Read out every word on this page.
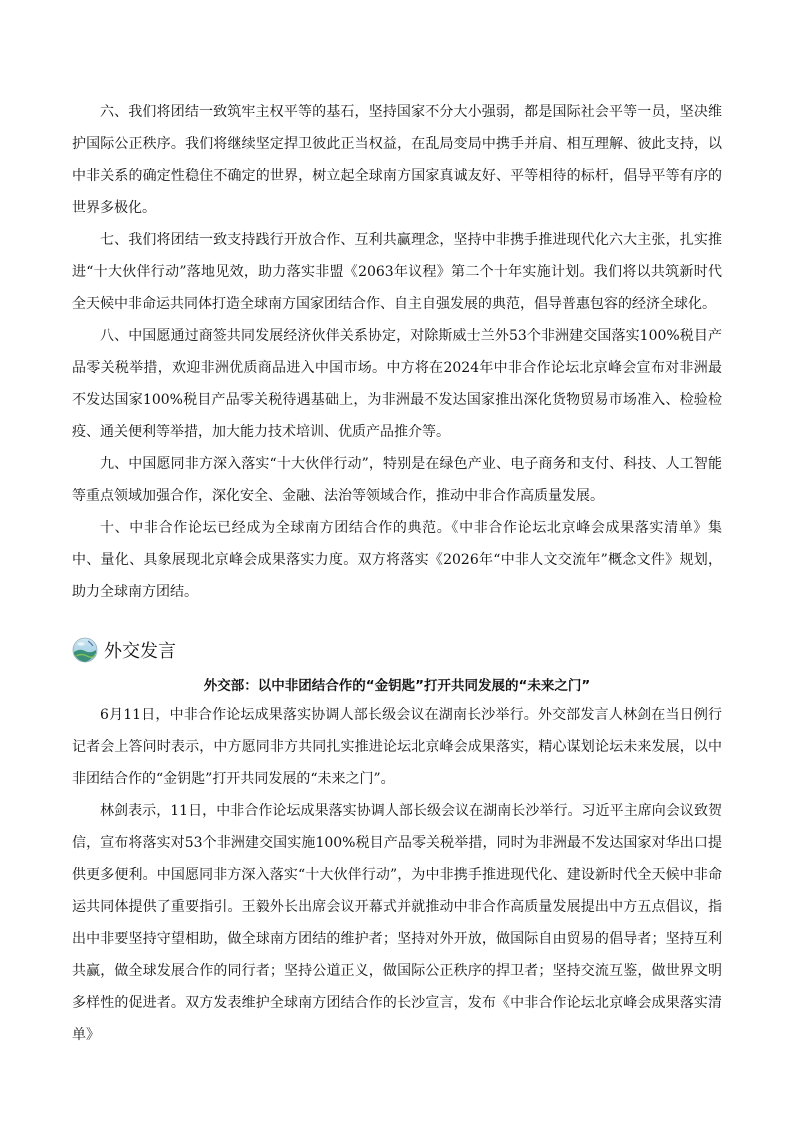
六、我们将团结一致筑牢主权平等的基石，坚持国家不分大小强弱，都是国际社会平等一员，坚决维护国际公正秩序。我们将继续坚定捍卫彼此正当权益，在乱局变局中携手并肩、相互理解、彼此支持，以中非关系的确定性稳住不确定的世界，树立起全球南方国家真诚友好、平等相待的标杆，倡导平等有序的世界多极化。

七、我们将团结一致支持践行开放合作、互利共赢理念，坚持中非携手推进现代化六大主张，扎实推进“十大伙伴行动”落地见效，助力落实非盟《2063年议程》第二个十年实施计划。我们将以共筑新时代全天候中非命运共同体打造全球南方国家团结合作、自主自强发展的典范，倡导普惠包容的经济全球化。

八、中国愿通过商签共同发展经济伙伴关系协定，对除斯威士兰外53个非洲建交国落实100%税目产品零关税举措，欢迎非洲优质商品进入中国市场。中方将在2024年中非合作论坛北京峰会宣布对非洲最不发达国家100%税目产品零关税待遇基础上，为非洲最不发达国家推出深化货物贸易市场准入、检验检疫、通关便利等举措，加大能力技术培训、优质产品推介等。

九、中国愿同非方深入落实“十大伙伴行动”，特别是在绿色产业、电子商务和支付、科技、人工智能等重点领域加强合作，深化安全、金融、法治等领域合作，推动中非合作高质量发展。

十、中非合作论坛已经成为全球南方团结合作的典范。《中非合作论坛北京峰会成果落实清单》集中、量化、具象展现北京峰会成果落实力度。双方将落实《2026年“中非人文交流年”概念文件》规划，助力全球南方团结。

外交发言
外交部：以中非团结合作的“金钥匙”打开共同发展的“未来之门”

6月11日，中非合作论坛成果落实协调人部长级会议在湖南长沙举行。外交部发言人林剑在当日例行记者会上答问时表示，中方愿同非方共同扎实推进论坛北京峰会成果落实，精心谋划论坛未来发展，以中非团结合作的“金钥匙”打开共同发展的“未来之门”。

林剑表示，11日，中非合作论坛成果落实协调人部长级会议在湖南长沙举行。习近平主席向会议致贺信，宣布将落实对53个非洲建交国实施100%税目产品零关税举措，同时为非洲最不发达国家对华出口提供更多便利。中国愿同非方深入落实“十大伙伴行动”，为中非携手推进现代化、建设新时代全天候中非命运共同体提供了重要指引。王毅外长出席会议开幕式并就推动中非合作高质量发展提出中方五点倡议，指出中非要坚持守望相助，做全球南方团结的维护者；坚持对外开放，做国际自由贸易的倡导者；坚持互利共赢，做全球发展合作的同行者；坚持公道正义，做国际公正秩序的捍卫者；坚持交流互鉴，做世界文明多样性的促进者。双方发表维护全球南方团结合作的长沙宣言，发布《中非合作论坛北京峰会成果落实清单》
